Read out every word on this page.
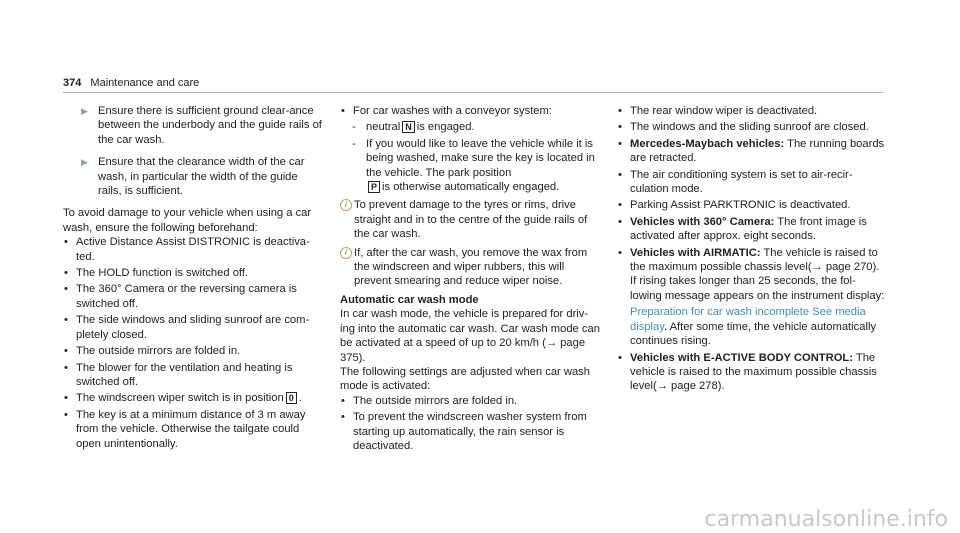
374 Maintenance and care
▶ Ensure there is sufficient ground clear-ance between the underbody and the guide rails of the car wash.

▶ Ensure that the clearance width of the car wash, in particular the width of the guide rails, is sufficient.

To avoid damage to your vehicle when using a car wash, ensure the following beforehand:

• Active Distance Assist DISTRONIC is deactiva-ted.
• The HOLD function is switched off.
• The 360° Camera or the reversing camera is switched off.
• The side windows and sliding sunroof are com-pletely closed.
• The outside mirrors are folded in.
• The blower for the ventilation and heating is switched off.
• The windscreen wiper switch is in position 0 .
• The key is at a minimum distance of 3 m away from the vehicle. Otherwise the tailgate could open unintentionally.
• For car washes with a conveyor system:
- neutral N is engaged.
- If you would like to leave the vehicle while it is being washed, make sure the key is located in the vehicle. The park position
P is otherwise automatically engaged.
i To prevent damage to the tyres or rims, drive straight and in to the centre of the guide rails of the car wash.
i If, after the car wash, you remove the wax from the windscreen and wiper rubbers, this will prevent smearing and reduce wiper noise.

Automatic car wash mode

In car wash mode, the vehicle is prepared for driv-ing into the automatic car wash. Car wash mode can be activated at a speed of up to 20 km/h (→ page 375).

The following settings are adjusted when car wash mode is activated:

• The outside mirrors are folded in.
• To prevent the windscreen washer system from starting up automatically, the rain sensor is deactivated.
• The rear window wiper is deactivated.
• The windows and the sliding sunroof are closed.
• Mercedes-Maybach vehicles: The running boards are retracted.
• The air conditioning system is set to air-recir-culation mode.
• Parking Assist PARKTRONIC is deactivated.
• Vehicles with 360° Camera: The front image is activated after approx. eight seconds.
• Vehicles with AIRMATIC: The vehicle is raised to the maximum possible chassis level(→ page 270).

If rising takes longer than 25 seconds, the fol-lowing message appears on the instrument display:

Preparation for car wash incomplete See media display. After some time, the vehicle automatically continues rising.

• Vehicles with E-ACTIVE BODY CONTROL: The vehicle is raised to the maximum possible chassis level(→ page 278).
carmanualsonline.info
